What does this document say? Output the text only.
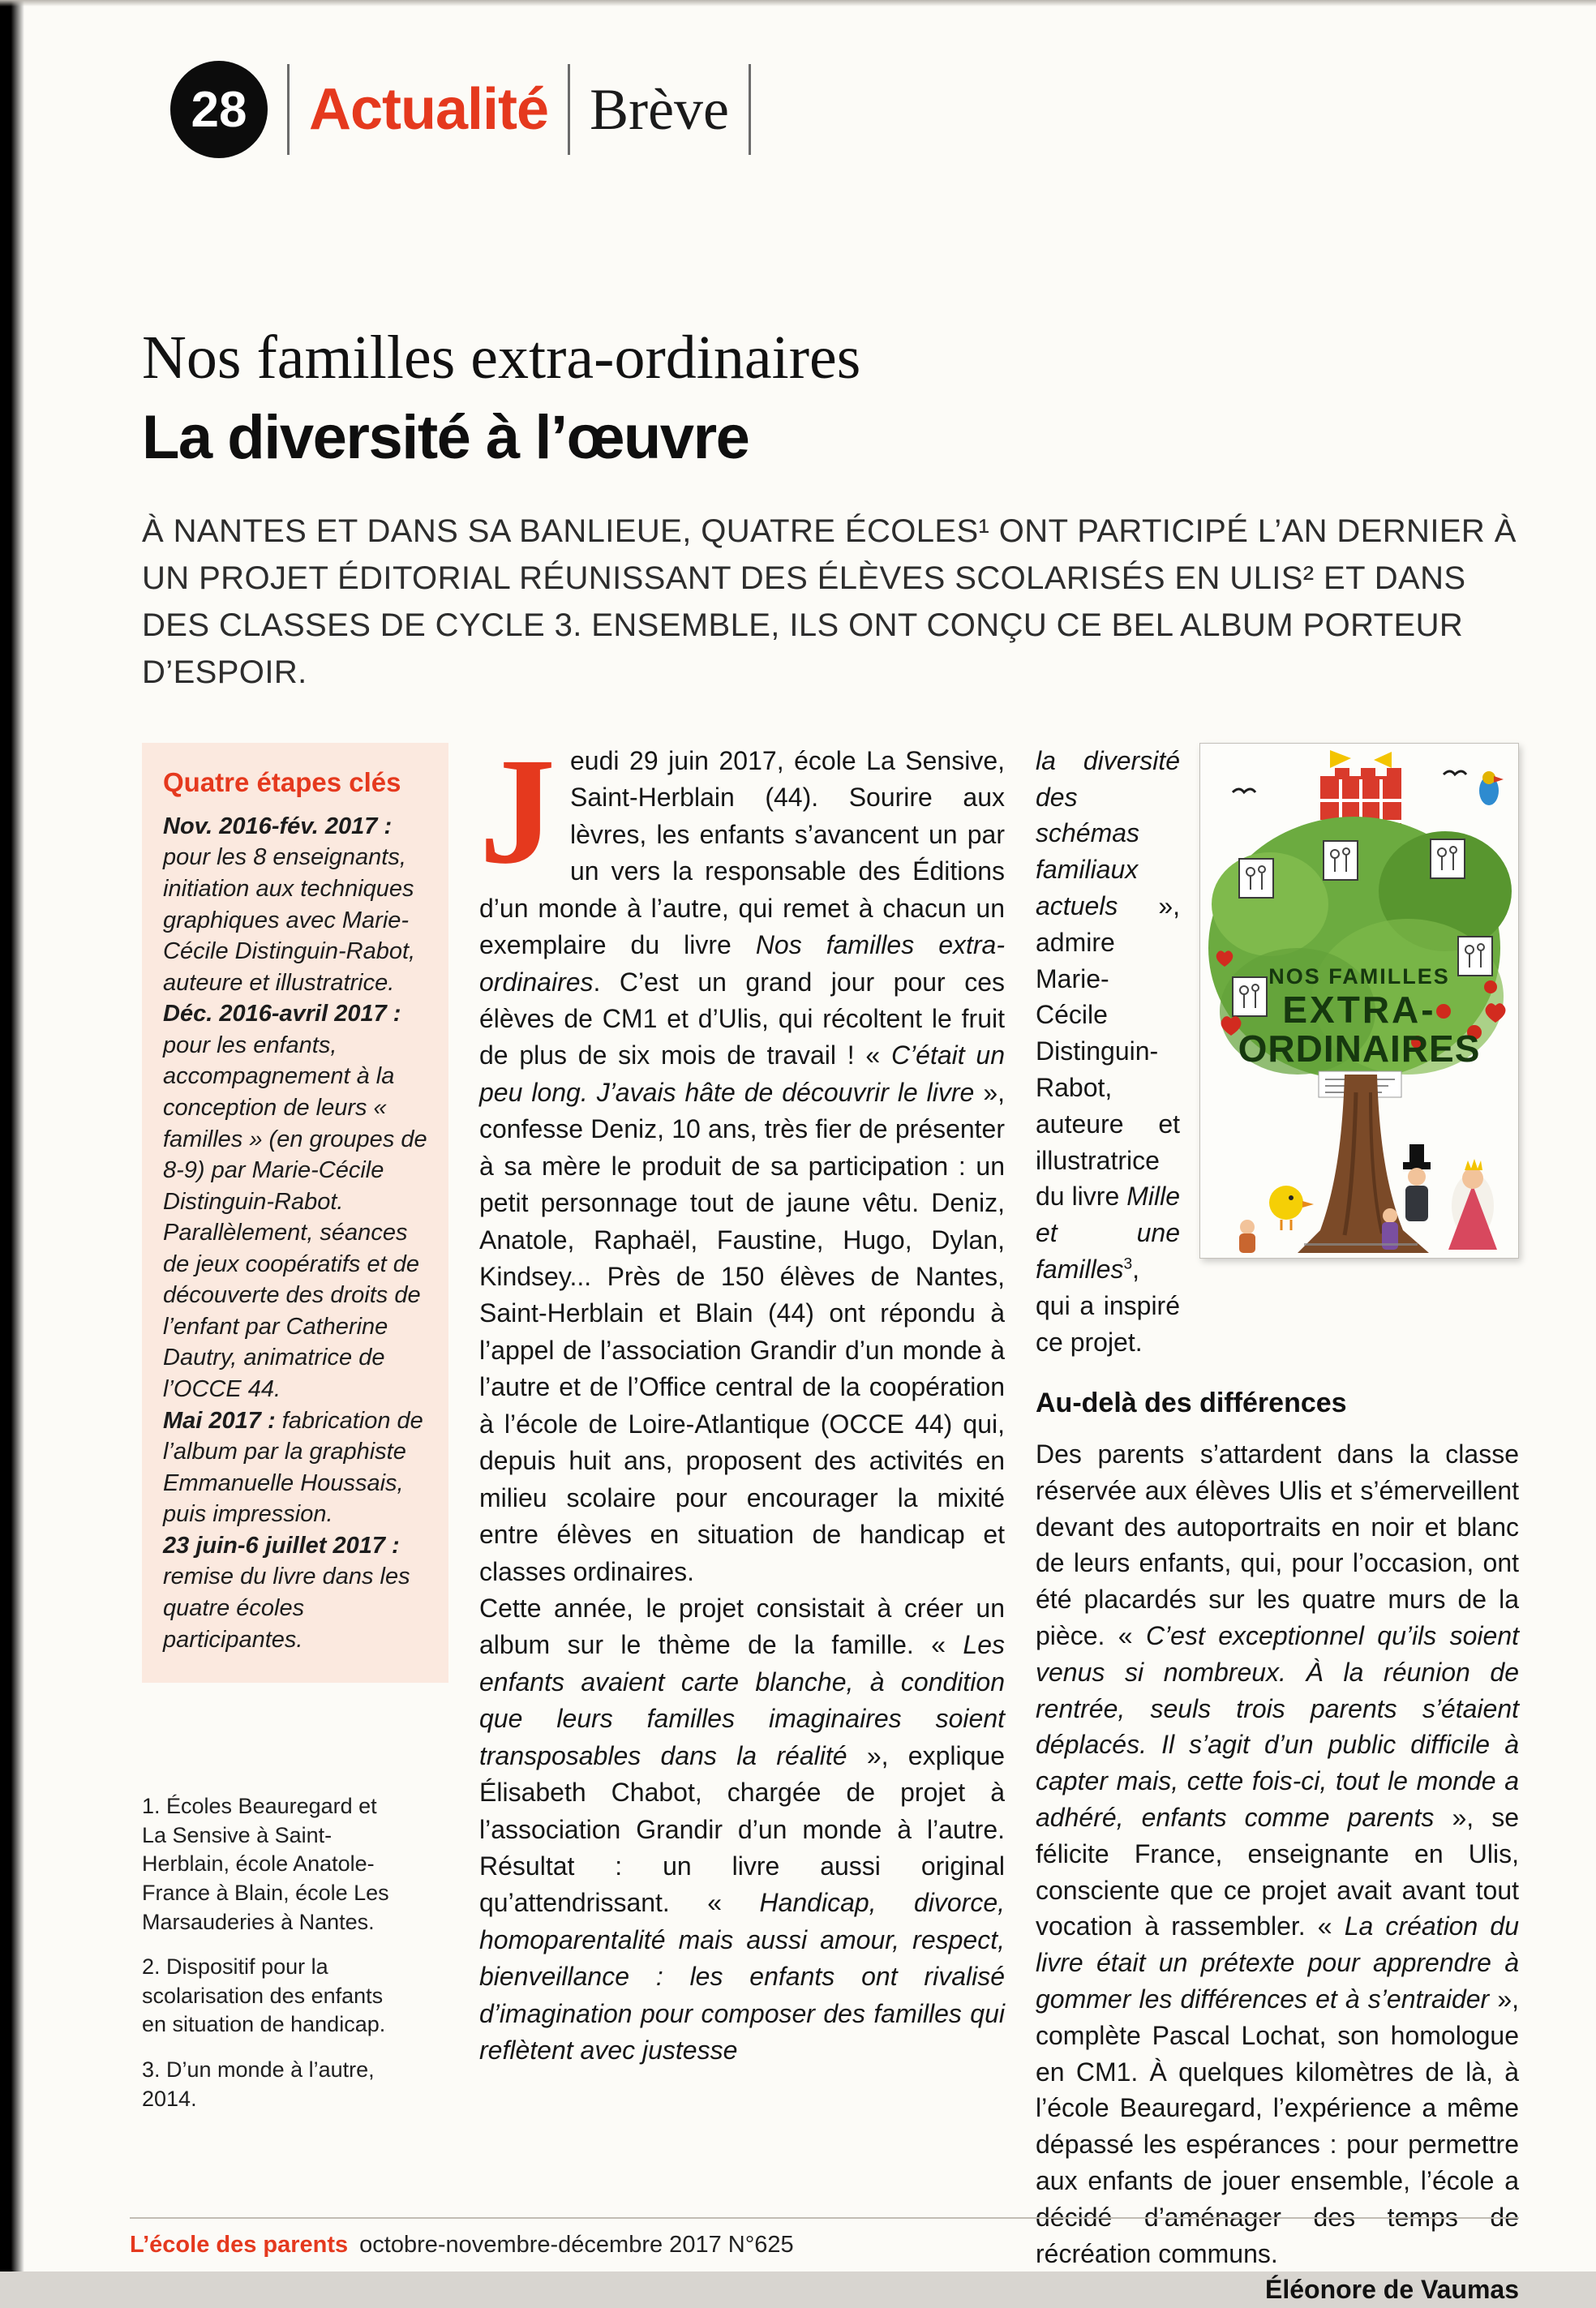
28 Actualité Brève
Nos familles extra-ordinaires
La diversité à l’œuvre

À NANTES ET DANS SA BANLIEUE, QUATRE ÉCOLES¹ ONT PARTICIPÉ L’AN DERNIER À UN PROJET ÉDITORIAL RÉUNISSANT DES ÉLÈVES SCOLARISÉS EN ULIS² ET DANS DES CLASSES DE CYCLE 3. ENSEMBLE, ILS ONT CONÇU CE BEL ALBUM PORTEUR D’ESPOIR.

Quatre étapes clés

Nov. 2016-fév. 2017 : pour les 8 enseignants, initiation aux techniques graphiques avec Marie-Cécile Distinguin-Rabot, auteure et illustratrice.

Déc. 2016-avril 2017 : pour les enfants, accompagnement à la conception de leurs « familles » (en groupes de 8-9) par Marie-Cécile Distinguin-Rabot. Parallèlement, séances de jeux coopératifs et de découverte des droits de l’enfant par Catherine Dautry, animatrice de l’OCCE 44.

Mai 2017 : fabrication de l’album par la graphiste Emmanuelle Houssais, puis impression.

23 juin-6 juillet 2017 : remise du livre dans les quatre écoles participantes.

1. Écoles Beauregard et La Sensive à Saint-Herblain, école Anatole-France à Blain, école Les Marsauderies à Nantes.

2. Dispositif pour la scolarisation des enfants en situation de handicap.

3. D’un monde à l’autre, 2014.

Jeudi 29 juin 2017, école La Sensive, Saint-Herblain (44). Sourire aux lèvres, les enfants s’avancent un par un vers la responsable des Éditions d’un monde à l’autre, qui remet à chacun un exemplaire du livre Nos familles extra-ordinaires. C’est un grand jour pour ces élèves de CM1 et d’Ulis, qui récoltent le fruit de plus de six mois de travail ! « C’était un peu long. J’avais hâte de découvrir le livre », confesse Deniz, 10 ans, très fier de présenter à sa mère le produit de sa participation : un petit personnage tout de jaune vêtu. Deniz, Anatole, Raphaël, Faustine, Hugo, Dylan, Kindsey... Près de 150 élèves de Nantes, Saint-Herblain et Blain (44) ont répondu à l’appel de l’association Grandir d’un monde à l’autre et de l’Office central de la coopération à l’école de Loire-Atlantique (OCCE 44) qui, depuis huit ans, proposent des activités en milieu scolaire pour encourager la mixité entre élèves en situation de handicap et classes ordinaires.

Cette année, le projet consistait à créer un album sur le thème de la famille. « Les enfants avaient carte blanche, à condition que leurs familles imaginaires soient transposables dans la réalité », explique Élisabeth Chabot, chargée de projet à l’association Grandir d’un monde à l’autre. Résultat : un livre aussi original qu’attendrissant. « Handicap, divorce, homoparentalité mais aussi amour, respect, bienveillance : les enfants ont rivalisé d’imagination pour composer des familles qui reflètent avec justesse

la diversité des schémas familiaux actuels », admire Marie-Cécile Distinguin-Rabot, auteure et illustratrice du livre Mille et une familles$^3$, qui a inspiré ce projet.

NOS FAMILLES
EXTRA-
ORDINAIRES
Au-delà des différences

Des parents s’attardent dans la classe réservée aux élèves Ulis et s’émerveillent devant des autoportraits en noir et blanc de leurs enfants, qui, pour l’occasion, ont été placardés sur les quatre murs de la pièce. « C’est exceptionnel qu’ils soient venus si nombreux. À la réunion de rentrée, seuls trois parents s’étaient déplacés. Il s’agit d’un public difficile à capter mais, cette fois-ci, tout le monde a adhéré, enfants comme parents », se félicite France, enseignante en Ulis, consciente que ce projet avait avant tout vocation à rassembler. « La création du livre était un prétexte pour apprendre à gommer les différences et à s’entraider », complète Pascal Lochat, son homologue en CM1. À quelques kilomètres de là, à l’école Beauregard, l’expérience a même dépassé les espérances : pour permettre aux enfants de jouer ensemble, l’école a décidé d’aménager des temps de récréation communs.
Éléonore de Vaumas

L’école des parents octobre-novembre-décembre 2017 N°625
